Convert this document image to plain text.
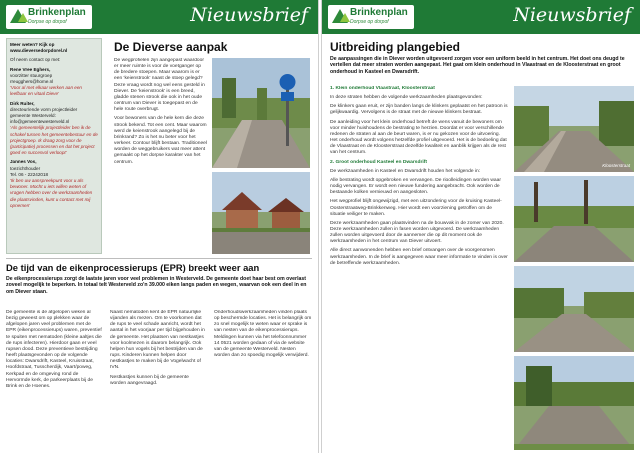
Brinkenplan
Dorpse op dorpof	Nieuwsbrief

Meer weten? Kijk op www.dieversedorpdorel.nl

Of neem contact op met:

Rene Vree Eghers,
voorzitter stuurgroep
rreugghers@home.nl
'Voor al met elkaar werken aan een leefbaar en vitaal Dieve'

Dirk Ruiter,
directeur/ende vorm projectleider gemeente Westerveld:
info@gemeentewesterveld.nl
'Als gemeentelijk projectleider ben ik de schakel tussen het gemeentebestuur en de projectgroep. Ik draag zorg voor de (participatie) processen en dat het project goed en succesvol verloopt'

Jannes Vos,
toezichthouder
Tel. 06 - 22242018
'Ik ben uw aanspreekpunt voor u als bewoner. Mocht u iets willen weten of vragen hebben over de werkzaamheden die plaatsvinden, kunt u contact met mij opnemen'

De Dieverse aanpak

De wegprofielen zijn aangepast waardoor er meer ruimte is voor de voetganger op de bredere stoepen. Maar waarom is er een 'keienstrook' naast de stoep gelegd? Deze vraag wordt nog wel eens gesteld in Diever. De 'keienstrook' is een breed, gladde stenen strook die ook in het oude centrum van Diever is toegepast en de hele route overbrugt.

Voor bewoners van de hele kern die deze strook bekend. Tot een cent. Maar waarom werd de keienstrook aangelegd bij de brinkrand? Zo is het nu beter voor het verkeer. Contour blijft bestaan. Traditioneel worden de weggebruikers wat meer attent gemaakt op het dorpse karakter van het centrum.

De tijd van de eikenprocessierups (EPR) breekt weer aan
De eikenprocessierups zorgt de laatste jaren voor veel problemen in Westerveld. De gemeente doet haar best om overlast zoveel mogelijk te beperken. In totaal telt Westerveld zo'n 39.000 eiken langs paden en wegen, waarvan ook een deel in en om Diever staan.

De gemeente is de afgelopen weken al bezig geweest om op plekken waar de afgelopen jaren veel problemen met de EPR (eikenprocessierups) waren, preventief te spuiten met nematoden (kleine aaltjes die de rups infecteren). Hierdoor gaan er veel rupsen dood. Deze preventieve bestrijding heeft plaatsgevonden op de volgende locaties: Dwarsdrift, Kasteel, Kruisstraat, Hoofdstraat, Tusscherdijk, Vaart/poweg, Kerkpad en de omgeving rond de Hervormde kerk, de parkeerplaats bij de Brink en de Hoenes.

Naast nematoden kent de EPR natuurlijke vijanden als mezen. Om te voorkomen dat de rups te veel schade aanricht, wordt het aantal in het voorjaar per tijd bijgehouden in de gemeente. Het plaatsen van nestkastjes voor koolmezen is daarom belangrijk. Ook helpen hun vogels bij het bestrijden van de rups. Kinderen kunnen helpen door nestkastjes te maken bij de Vogelwacht of IVN.

Nestkastjes kunnen bij de gemeente worden aangevraagd.

Onderhoudswerkzaamheden vinden plaats op beschermde locaties. Het is belangrijk om zo snel mogelijk te weten waar er sprake is van nesten van de eikenprocessierups. Meldingen kunnen via het telefoonnummer 14 0521 worden gedaan of via de website van de gemeente Westerveld. Nesten worden dan zo spoedig mogelijk verwijderd.

Brinkenplan
Dorpse op dorpof	Nieuwsbrief
Uitbreiding plangebied
De aanpassingen die in Diever worden uitgevoerd zorgen voor een uniform beeld in het centrum. Het doet ons deugd te vertellen dat meer straten worden aangepast. Het gaat om klein onderhoud in Vlaastraat en de Kloosterstraat en groot onderhoud in Kasteel en Dwarsdrift.

1. Klein onderhoud Vlaastraat, Kloosterstraat

In deze straten hebben de volgende werkzaamheden plaatsgevonden:

De klinkers gaan eruit, er zijn banden langs de klinkers geplaatst en het patroon is gelijkwaardig. Vervolgens is de straat met de nieuwe klinkers bestraat.

De aanleiding voor het klein onderhoud betreft de wens vanuit de bewoners om voor minder huishoudens de bestrating te herzien. Doordat er voor verschillende redenen de straten al aan de beurt waren, is er nu gekozen voor de uitvoering. Het onderhoud wordt volgens hetzelfde profiel uitgevoerd. Het is de bedoeling dat de Vlaastraat en de Kloosterstraat dezelfde kwaliteit en aanblik krijgen als de rest van het centrum.

2. Groot onderhoud Kasteel en Dwarsdrift

De werkzaamheden in Kasteel en Dwarsdrift houden het volgende in:

Alle bestrating wordt opgebroken en vervangen. De rioolleidingen worden waar nodig vervangen. Er wordt een nieuwe fundering aangebracht. Ook worden de bestaande kolken vernieuwd en aangesloten.

Het wegprofiel blijft ongewijzigd, met een uitzondering voor de kruising Kasteel-Oosterstraatweg-Brinkkenweg. Hier wordt een voorziening getroffen om de situatie veiliger te maken.

Deze werkzaamheden gaan plaatsvinden na de bouwvak in de zomer van 2020. Deze werkzaamheden zullen in fasen worden uitgevoerd. De werkzaamheden zullen worden uitgevoerd door de aannemer die op dit moment ook de werkzaamheden in het centrum van Diever uitvoert.

Alle direct aanwonenden hebben een brief ontvangen over de voorgenomen werkzaamheden. In de brief is aangegeven waar meer informatie te vinden is over de betreffende werkzaamheden.

Kloosterstraat
